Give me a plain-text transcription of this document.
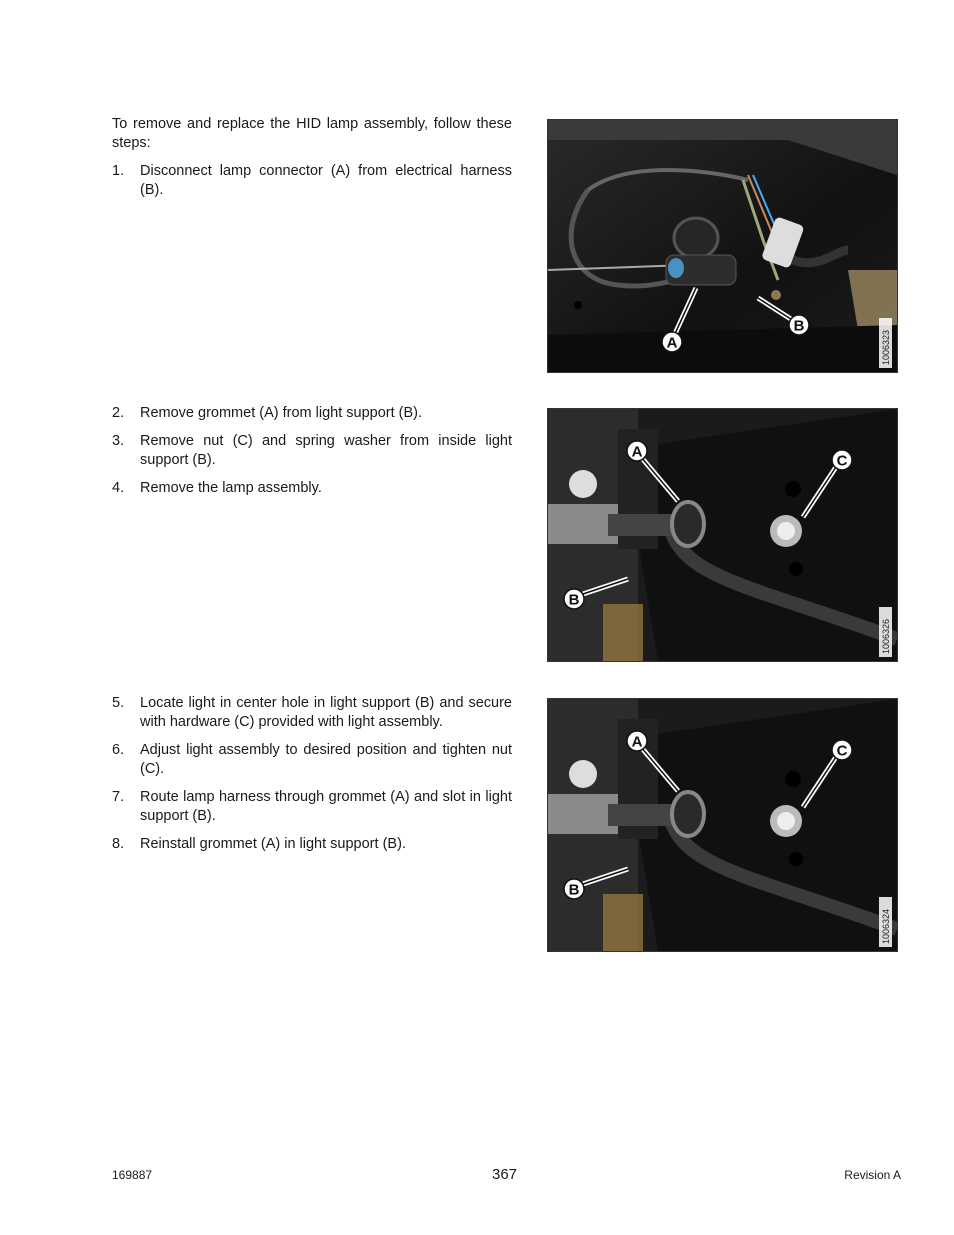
To remove and replace the HID lamp assembly, follow these steps:

1. Disconnect lamp connector (A) from electrical harness (B).
2. Remove grommet (A) from light support (B).
3. Remove nut (C) and spring washer from inside light support (B).
4. Remove the lamp assembly.
5. Locate light in center hole in light support (B) and secure with hardware (C) provided with light assembly.
6. Adjust light assembly to desired position and tighten nut (C).
7. Route lamp harness through grommet (A) and slot in light support (B).
8. Reinstall grommet (A) in light support (B).
A
B
1006323
A
C
B
1006326
A
C
B
1006324
169887	367	Revision A
